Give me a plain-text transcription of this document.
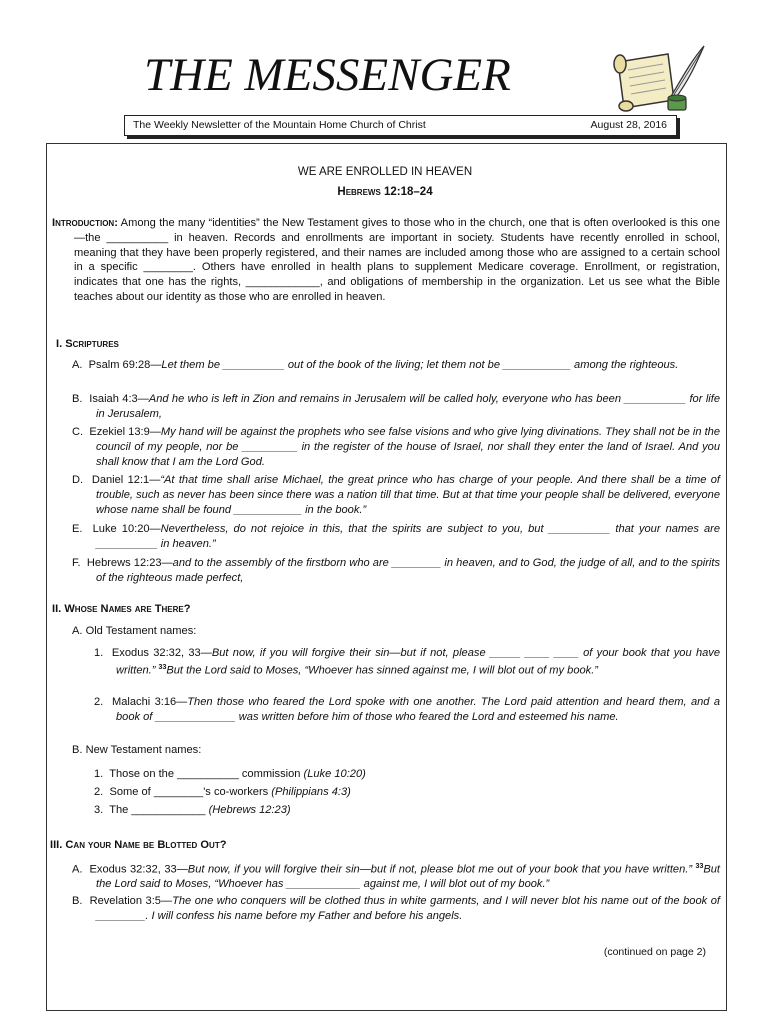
THE MESSENGER
The Weekly Newsletter of the Mountain Home Church of Christ	August 28, 2016
WE ARE ENROLLED IN HEAVEN
Hebrews 12:18–24
Introduction: Among the many “identities” the New Testament gives to those who in the church, one that is often overlooked is this one—the __________ in heaven. Records and enrollments are important in society. Students have recently enrolled in school, meaning that they have been properly registered, and their names are included among those who are assigned to a certain school in a specific ________. Others have enrolled in health plans to supplement Medicare coverage. Enrollment, or registration, indicates that one has the rights, ____________, and obligations of membership in the organization. Let us see what the Bible teaches about our identity as those who are enrolled in heaven.
I. Scriptures
A. Psalm 69:28—Let them be __________ out of the book of the living; let them not be ___________ among the righteous.
B. Isaiah 4:3—And he who is left in Zion and remains in Jerusalem will be called holy, everyone who has been __________ for life in Jerusalem,
C. Ezekiel 13:9—My hand will be against the prophets who see false visions and who give lying divinations. They shall not be in the council of my people, nor be _________ in the register of the house of Israel, nor shall they enter the land of Israel. And you shall know that I am the Lord God.
D. Daniel 12:1—“At that time shall arise Michael, the great prince who has charge of your people. And there shall be a time of trouble, such as never has been since there was a nation till that time. But at that time your people shall be delivered, everyone whose name shall be found ___________ in the book.”
E. Luke 10:20—Nevertheless, do not rejoice in this, that the spirits are subject to you, but __________ that your names are __________ in heaven.”
F. Hebrews 12:23—and to the assembly of the firstborn who are ________ in heaven, and to God, the judge of all, and to the spirits of the righteous made perfect,
II. Whose Names are There?
A. Old Testament names:
1. Exodus 32:32, 33—But now, if you will forgive their sin—but if not, please _____ ____ ____ of your book that you have written.” $^{33}$But the Lord said to Moses, “Whoever has sinned against me, I will blot out of my book.”
2. Malachi 3:16—Then those who feared the Lord spoke with one another. The Lord paid attention and heard them, and a book of _____________ was written before him of those who feared the Lord and esteemed his name.
B. New Testament names:
1. Those on the __________ commission (Luke 10:20)
2. Some of ________'s co-workers (Philippians 4:3)
3. The ____________ (Hebrews 12:23)
III. Can your Name be Blotted Out?
A. Exodus 32:32, 33—But now, if you will forgive their sin—but if not, please blot me out of your book that you have written.” $^{33}$But the Lord said to Moses, “Whoever has ____________ against me, I will blot out of my book.”
B. Revelation 3:5—The one who conquers will be clothed thus in white garments, and I will never blot his name out of the book of ________. I will confess his name before my Father and before his angels.
(continued on page 2)
